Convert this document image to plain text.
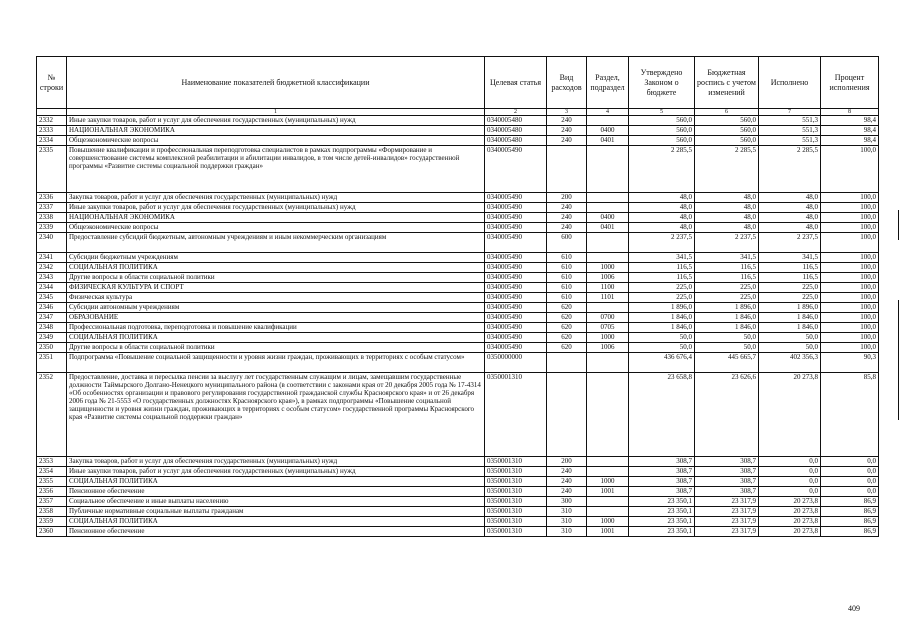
№ строки	Наименование показателей бюджетной классификации	Целевая статья	Вид расходов	Раздел, подраздел	Утверждено Законом о бюджете	Бюджетная роспись с учетом изменений	Исполнено	Процент исполнения
	1	2	3	4	5	6	7	8
2332	Иные закупки товаров, работ и услуг для обеспечения государственных (муниципальных) нужд	0340005480	240		560,0	560,0	551,3	98,4
2333	НАЦИОНАЛЬНАЯ ЭКОНОМИКА	0340005480	240	0400	560,0	560,0	551,3	98,4
2334	Общеэкономические вопросы	0340005480	240	0401	560,0	560,0	551,3	98,4
2335	Повышение квалификации и профессиональная переподготовка специалистов в рамках подпрограммы «Формирование и совершенствование системы комплексной реабилитации и абилитации инвалидов, в том числе детей-инвалидов» государственной программы «Развитие системы социальной поддержки граждан»	0340005490			2 285,5	2 285,5	2 285,5	100,0
2336	Закупка товаров, работ и услуг для обеспечения государственных (муниципальных) нужд	0340005490	200		48,0	48,0	48,0	100,0
2337	Иные закупки товаров, работ и услуг для обеспечения государственных (муниципальных) нужд	0340005490	240		48,0	48,0	48,0	100,0
2338	НАЦИОНАЛЬНАЯ ЭКОНОМИКА	0340005490	240	0400	48,0	48,0	48,0	100,0
2339	Общеэкономические вопросы	0340005490	240	0401	48,0	48,0	48,0	100,0
2340	Предоставление субсидий бюджетным, автономным учреждениям и иным некоммерческим организациям	0340005490	600		2 237,5	2 237,5	2 237,5	100,0
2341	Субсидии бюджетным учреждениям	0340005490	610		341,5	341,5	341,5	100,0
2342	СОЦИАЛЬНАЯ ПОЛИТИКА	0340005490	610	1000	116,5	116,5	116,5	100,0
2343	Другие вопросы в области социальной политики	0340005490	610	1006	116,5	116,5	116,5	100,0
2344	ФИЗИЧЕСКАЯ КУЛЬТУРА И СПОРТ	0340005490	610	1100	225,0	225,0	225,0	100,0
2345	Физическая культура	0340005490	610	1101	225,0	225,0	225,0	100,0
2346	Субсидии автономным учреждениям	0340005490	620		1 896,0	1 896,0	1 896,0	100,0
2347	ОБРАЗОВАНИЕ	0340005490	620	0700	1 846,0	1 846,0	1 846,0	100,0
2348	Профессиональная подготовка, переподготовка и повышение квалификации	0340005490	620	0705	1 846,0	1 846,0	1 846,0	100,0
2349	СОЦИАЛЬНАЯ ПОЛИТИКА	0340005490	620	1000	50,0	50,0	50,0	100,0
2350	Другие вопросы в области социальной политики	0340005490	620	1006	50,0	50,0	50,0	100,0
2351	Подпрограмма «Повышение социальной защищенности и уровня жизни граждан, проживающих в территориях с особым статусом»	0350000000			436 676,4	445 665,7	402 356,3	90,3
2352	Предоставление, доставка и пересылка пенсии за выслугу лет государственным служащим и лицам, замещавшим государственные должности Таймырского Долгано-Ненецкого муниципального района (в соответствии с законами края от 20 декабря 2005 года № 17-4314 «Об особенностях организации и правового регулирования государственной гражданской службы Красноярского края» и от 26 декабря 2006 года № 21-5553 «О государственных должностях Красноярского края»), в рамках подпрограммы «Повышение социальной защищенности и уровня жизни граждан, проживающих в территориях с особым статусом» государственной программы Красноярского края «Развитие системы социальной поддержки граждан»	0350001310			23 658,8	23 626,6	20 273,8	85,8
2353	Закупка товаров, работ и услуг для обеспечения государственных (муниципальных) нужд	0350001310	200		308,7	308,7	0,0	0,0
2354	Иные закупки товаров, работ и услуг для обеспечения государственных (муниципальных) нужд	0350001310	240		308,7	308,7	0,0	0,0
2355	СОЦИАЛЬНАЯ ПОЛИТИКА	0350001310	240	1000	308,7	308,7	0,0	0,0
2356	Пенсионное обеспечение	0350001310	240	1001	308,7	308,7	0,0	0,0
2357	Социальное обеспечение и иные выплаты населению	0350001310	300		23 350,1	23 317,9	20 273,8	86,9
2358	Публичные нормативные социальные выплаты гражданам	0350001310	310		23 350,1	23 317,9	20 273,8	86,9
2359	СОЦИАЛЬНАЯ ПОЛИТИКА	0350001310	310	1000	23 350,1	23 317,9	20 273,8	86,9
2360	Пенсионное обеспечение	0350001310	310	1001	23 350,1	23 317,9	20 273,8	86,9
409
